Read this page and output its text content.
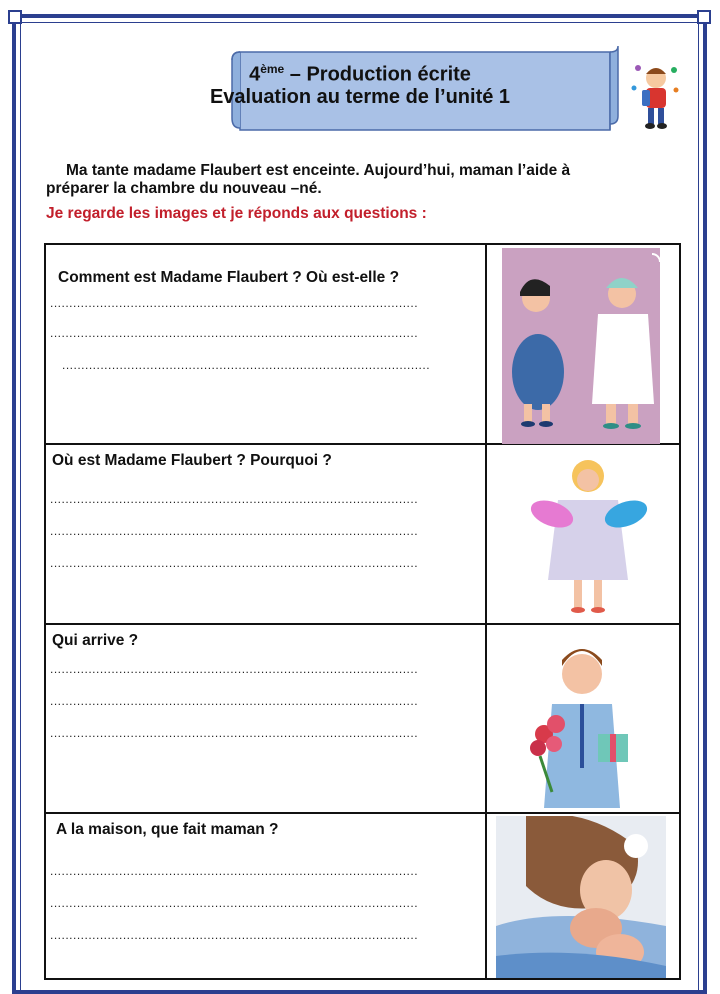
4ème – Production écrite
Evaluation au terme de l’unité 1
Ma tante madame Flaubert est enceinte. Aujourd’hui, maman l’aide à
préparer la chambre du nouveau –né.
Je regarde les images et je réponds aux questions :
Comment est Madame Flaubert ? Où est-elle ?
................................................................................................
................................................................................................
................................................................................................
Où est Madame Flaubert ? Pourquoi ?
................................................................................................
................................................................................................
................................................................................................
Qui arrive ?
................................................................................................
................................................................................................
................................................................................................
A la maison, que fait maman ?
................................................................................................
................................................................................................
................................................................................................
